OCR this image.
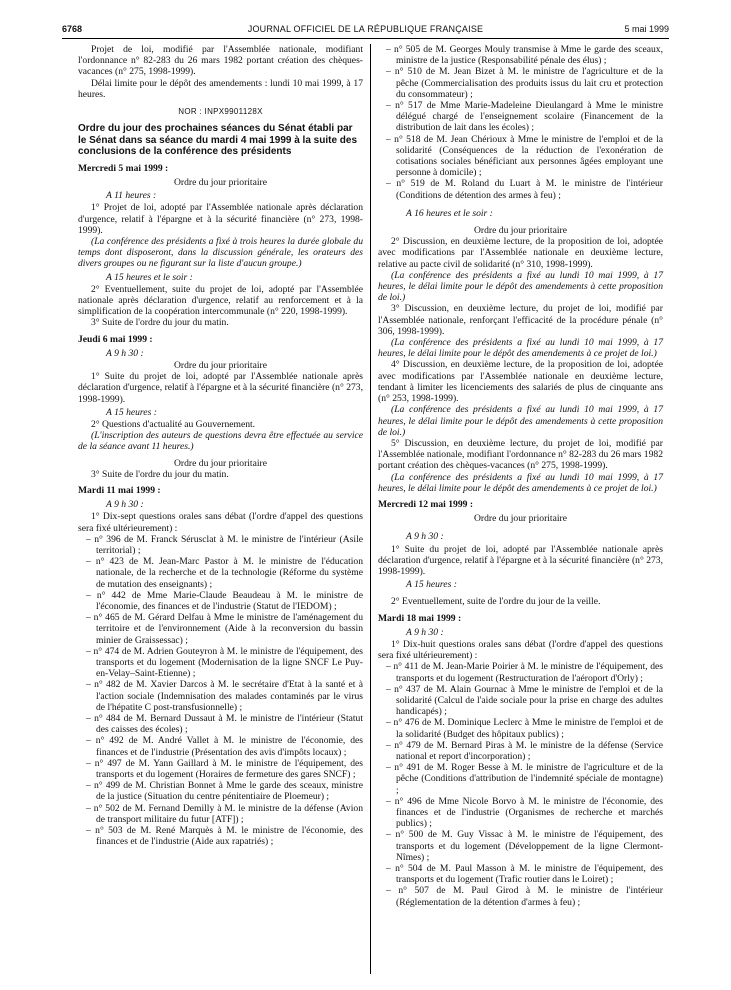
6768	JOURNAL OFFICIEL DE LA RÉPUBLIQUE FRANÇAISE	5 mai 1999

Projet de loi, modifié par l'Assemblée nationale, modifiant l'ordonnance n° 82-283 du 26 mars 1982 portant création des chèques-vacances (n° 275, 1998-1999).

Délai limite pour le dépôt des amendements : lundi 10 mai 1999, à 17 heures.

NOR : INPX9901128X

Ordre du jour des prochaines séances du Sénat établi par le Sénat dans sa séance du mardi 4 mai 1999 à la suite des conclusions de la conférence des présidents

Mercredi 5 mai 1999 :

Ordre du jour prioritaire

A 11 heures :

1° Projet de loi, adopté par l'Assemblée nationale après déclaration d'urgence, relatif à l'épargne et à la sécurité financière (n° 273, 1998-1999).

(La conférence des présidents a fixé à trois heures la durée globale du temps dont disposeront, dans la discussion générale, les orateurs des divers groupes ou ne figurant sur la liste d'aucun groupe.)

A 15 heures et le soir :

2° Eventuellement, suite du projet de loi, adopté par l'Assemblée nationale après déclaration d'urgence, relatif au renforcement et à la simplification de la coopération intercommunale (n° 220, 1998-1999).

3° Suite de l'ordre du jour du matin.

Jeudi 6 mai 1999 :

A 9 h 30 :

Ordre du jour prioritaire

1° Suite du projet de loi, adopté par l'Assemblée nationale après déclaration d'urgence, relatif à l'épargne et à la sécurité financière (n° 273, 1998-1999).

A 15 heures :

2° Questions d'actualité au Gouvernement.

(L'inscription des auteurs de questions devra être effectuée au service de la séance avant 11 heures.)

Ordre du jour prioritaire

3° Suite de l'ordre du jour du matin.

Mardi 11 mai 1999 :

A 9 h 30 :

1° Dix-sept questions orales sans débat (l'ordre d'appel des questions sera fixé ultérieurement) :

– n° 396 de M. Franck Sérusclat à M. le ministre de l'intérieur (Asile territorial) ;

– n° 423 de M. Jean-Marc Pastor à M. le ministre de l'éducation nationale, de la recherche et de la technologie (Réforme du système de mutation des enseignants) ;

– n° 442 de Mme Marie-Claude Beaudeau à M. le ministre de l'économie, des finances et de l'industrie (Statut de l'IEDOM) ;

– n° 465 de M. Gérard Delfau à Mme le ministre de l'aménagement du territoire et de l'environnement (Aide à la reconversion du bassin minier de Graissessac) ;

– n° 474 de M. Adrien Gouteyron à M. le ministre de l'équipement, des transports et du logement (Modernisation de la ligne SNCF Le Puy-en-Velay–Saint-Etienne) ;

– n° 482 de M. Xavier Darcos à M. le secrétaire d'Etat à la santé et à l'action sociale (Indemnisation des malades contaminés par le virus de l'hépatite C post-transfusionnelle) ;

– n° 484 de M. Bernard Dussaut à M. le ministre de l'intérieur (Statut des caisses des écoles) ;

– n° 492 de M. André Vallet à M. le ministre de l'économie, des finances et de l'industrie (Présentation des avis d'impôts locaux) ;

– n° 497 de M. Yann Gaillard à M. le ministre de l'équipement, des transports et du logement (Horaires de fermeture des gares SNCF) ;

– n° 499 de M. Christian Bonnet à Mme le garde des sceaux, ministre de la justice (Situation du centre pénitentiaire de Ploemeur) ;

– n° 502 de M. Fernand Demilly à M. le ministre de la défense (Avion de transport militaire du futur [ATF]) ;

– n° 503 de M. René Marquès à M. le ministre de l'économie, des finances et de l'industrie (Aide aux rapatriés) ;

– n° 505 de M. Georges Mouly transmise à Mme le garde des sceaux, ministre de la justice (Responsabilité pénale des élus) ;

– n° 510 de M. Jean Bizet à M. le ministre de l'agriculture et de la pêche (Commercialisation des produits issus du lait cru et protection du consommateur) ;

– n° 517 de Mme Marie-Madeleine Dieulangard à Mme le ministre délégué chargé de l'enseignement scolaire (Financement de la distribution de lait dans les écoles) ;

– n° 518 de M. Jean Chérioux à Mme le ministre de l'emploi et de la solidarité (Conséquences de la réduction de l'exonération de cotisations sociales bénéficiant aux personnes âgées employant une personne à domicile) ;

– n° 519 de M. Roland du Luart à M. le ministre de l'intérieur (Conditions de détention des armes à feu) ;

A 16 heures et le soir :

Ordre du jour prioritaire

2° Discussion, en deuxième lecture, de la proposition de loi, adoptée avec modifications par l'Assemblée nationale en deuxième lecture, relative au pacte civil de solidarité (n° 310, 1998-1999).

(La conférence des présidents a fixé au lundi 10 mai 1999, à 17 heures, le délai limite pour le dépôt des amendements à cette proposition de loi.)

3° Discussion, en deuxième lecture, du projet de loi, modifié par l'Assemblée nationale, renforçant l'efficacité de la procédure pénale (n° 306, 1998-1999).

(La conférence des présidents a fixé au lundi 10 mai 1999, à 17 heures, le délai limite pour le dépôt des amendements à ce projet de loi.)

4° Discussion, en deuxième lecture, de la proposition de loi, adoptée avec modifications par l'Assemblée nationale en deuxième lecture, tendant à limiter les licenciements des salariés de plus de cinquante ans (n° 253, 1998-1999).

(La conférence des présidents a fixé au lundi 10 mai 1999, à 17 heures, le délai limite pour le dépôt des amendements à cette proposition de loi.)

5° Discussion, en deuxième lecture, du projet de loi, modifié par l'Assemblée nationale, modifiant l'ordonnance n° 82-283 du 26 mars 1982 portant création des chèques-vacances (n° 275, 1998-1999).

(La conférence des présidents a fixé au lundi 10 mai 1999, à 17 heures, le délai limite pour le dépôt des amendements à ce projet de loi.)

Mercredi 12 mai 1999 :

Ordre du jour prioritaire

A 9 h 30 :

1° Suite du projet de loi, adopté par l'Assemblée nationale après déclaration d'urgence, relatif à l'épargne et à la sécurité financière (n° 273, 1998-1999).

A 15 heures :

2° Eventuellement, suite de l'ordre du jour de la veille.

Mardi 18 mai 1999 :

A 9 h 30 :

1° Dix-huit questions orales sans débat (l'ordre d'appel des questions sera fixé ultérieurement) :

– n° 411 de M. Jean-Marie Poirier à M. le ministre de l'équipement, des transports et du logement (Restructuration de l'aéroport d'Orly) ;

– n° 437 de M. Alain Gournac à Mme le ministre de l'emploi et de la solidarité (Calcul de l'aide sociale pour la prise en charge des adultes handicapés) ;

– n° 476 de M. Dominique Leclerc à Mme le ministre de l'emploi et de la solidarité (Budget des hôpitaux publics) ;

– n° 479 de M. Bernard Piras à M. le ministre de la défense (Service national et report d'incorporation) ;

– n° 491 de M. Roger Besse à M. le ministre de l'agriculture et de la pêche (Conditions d'attribution de l'indemnité spéciale de montagne) ;

– n° 496 de Mme Nicole Borvo à M. le ministre de l'économie, des finances et de l'industrie (Organismes de recherche et marchés publics) ;

– n° 500 de M. Guy Vissac à M. le ministre de l'équipement, des transports et du logement (Développement de la ligne Clermont-Nîmes) ;

– n° 504 de M. Paul Masson à M. le ministre de l'équipement, des transports et du logement (Trafic routier dans le Loiret) ;

– n° 507 de M. Paul Girod à M. le ministre de l'intérieur (Réglementation de la détention d'armes à feu) ;
